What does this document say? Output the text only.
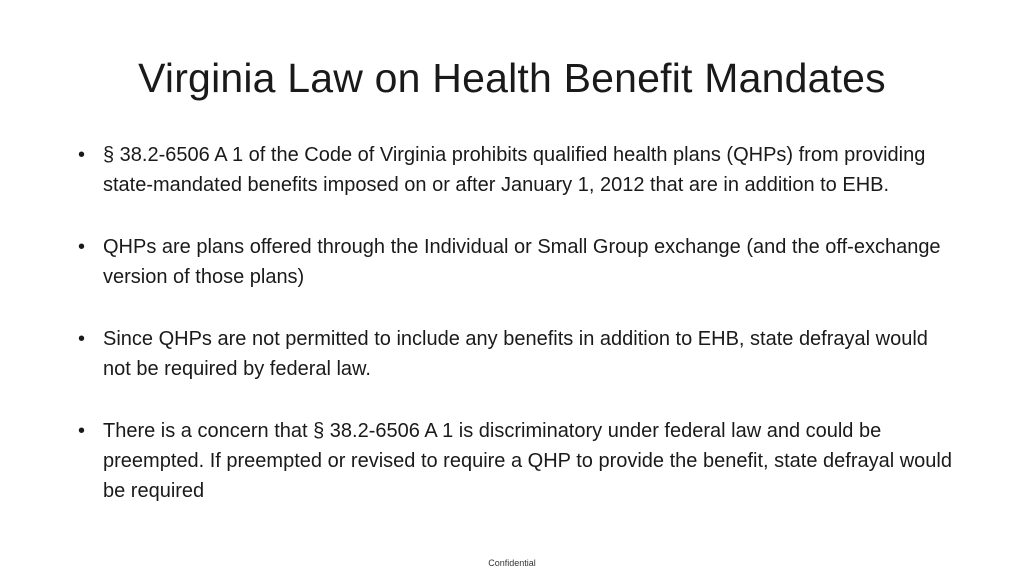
Virginia Law on Health Benefit Mandates
• § 38.2-6506 A 1 of the Code of Virginia prohibits qualified health plans (QHPs) from providing state-mandated benefits imposed on or after January 1, 2012 that are in addition to EHB.
• QHPs are plans offered through the Individual or Small Group exchange (and the off-exchange version of those plans)
• Since QHPs are not permitted to include any benefits in addition to EHB, state defrayal would not be required by federal law.
• There is a concern that § 38.2-6506 A 1 is discriminatory under federal law and could be preempted. If preempted or revised to require a QHP to provide the benefit, state defrayal would be required
Confidential
